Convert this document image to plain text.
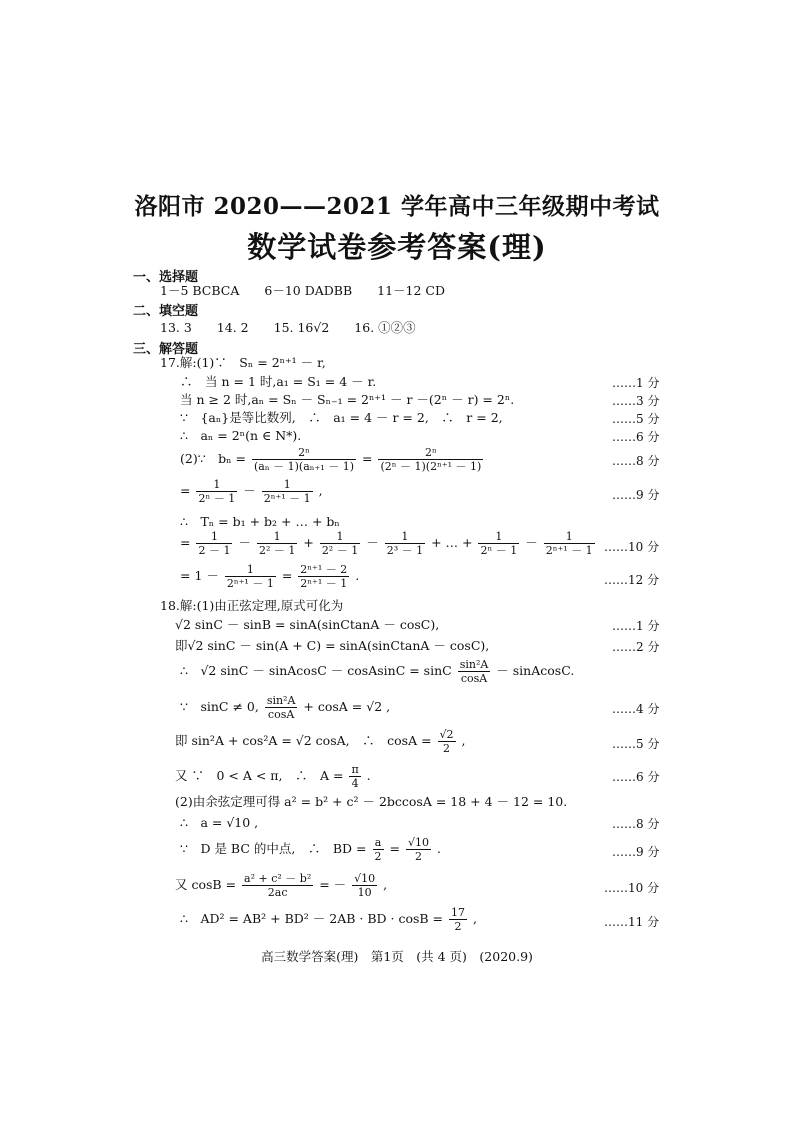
洛阳市 2020——2021 学年高中三年级期中考试
数学试卷参考答案(理)
一、选择题
1－5 BCBCA　　6－10 DADBB　　11－12 CD
二、填空题
13. 3　　14. 2　　15. 16√2　　16. ①②③
三、解答题
17.解:(1)∵　Sₙ = 2ⁿ⁺¹ － r,
∴　当 n = 1 时,a₁ = S₁ = 4 － r.	……1 分
当 n ≥ 2 时,aₙ = Sₙ － Sₙ₋₁ = 2ⁿ⁺¹ － r －(2ⁿ － r) = 2ⁿ.	……3 分
∵　{aₙ}是等比数列,　∴　a₁ = 4 － r = 2,　∴　r = 2,	……5 分
∴　aₙ = 2ⁿ(n ∈ N*).	……6 分
(2)∵　$b_n = \frac{\text{2ⁿ}}{\text{(aₙ － 1)(aₙ₊₁ － 1)}} = \frac{\text{2ⁿ}}{\text{(2ⁿ － 1)(2ⁿ⁺¹ － 1)}}$	……8 分
= $\frac{1}{\text{2ⁿ － 1}} - \frac{1}{\text{2ⁿ⁺¹ － 1}}$ ,	……9 分
∴　Tₙ = b₁ + b₂ + … + bₙ
= $\frac{1}{2 - 1} - \frac{1}{\text{2² － 1}} + \frac{1}{\text{2² － 1}} - \frac{1}{\text{2³ － 1}}$ + … + $\frac{1}{\text{2ⁿ － 1}} - \frac{1}{\text{2ⁿ⁺¹ － 1}}$ ……10 分
= $1 - \frac{1}{\text{2ⁿ⁺¹ － 1}} = \frac{\text{2ⁿ⁺¹ － 2}}{\text{2ⁿ⁺¹ － 1}}$ .	……12 分
18.解:(1)由正弦定理,原式可化为
√2 sinC － sinB = sinA(sinCtanA － cosC),	……1 分
即√2 sinC － sin(A + C) = sinA(sinCtanA － cosC),	……2 分
∴　√2 sinC － sinAcosC － cosAsinC = sinC $\frac{\text{sin²A}}{\cos A}$ － sinAcosC.
∵　sinC ≠ 0, $\frac{\text{sin²A}}{\cos A} + \cos A = √2$ ,	……4 分
即 sin²A + cos²A = √2 cosA,　∴　$\cos A = \frac{√2}{2}$ ,	……5 分
又 ∵　0 < A < π,　∴　$A = \frac{\pi}{4}$ .	……6 分
(2)由余弦定理可得 a² = b² + c² － 2bccosA = 18 + 4 － 12 = 10.
∴　a = √10 ,	……8 分
∵　D 是 BC 的中点,　∴　BD = $\frac{a}{2} = \frac{√10}{2}$ .	……9 分
又 $\cos B = \frac{\text{a² + c² － b²}}{2ac}$ = － $\frac{√10}{10}$ ,	……10 分
∴　AD² = AB² + BD² － 2AB · BD · $\cos B = \frac{17}{2}$ ,	……11 分
高三数学答案(理)　第1页　(共 4 页)　(2020.9)
